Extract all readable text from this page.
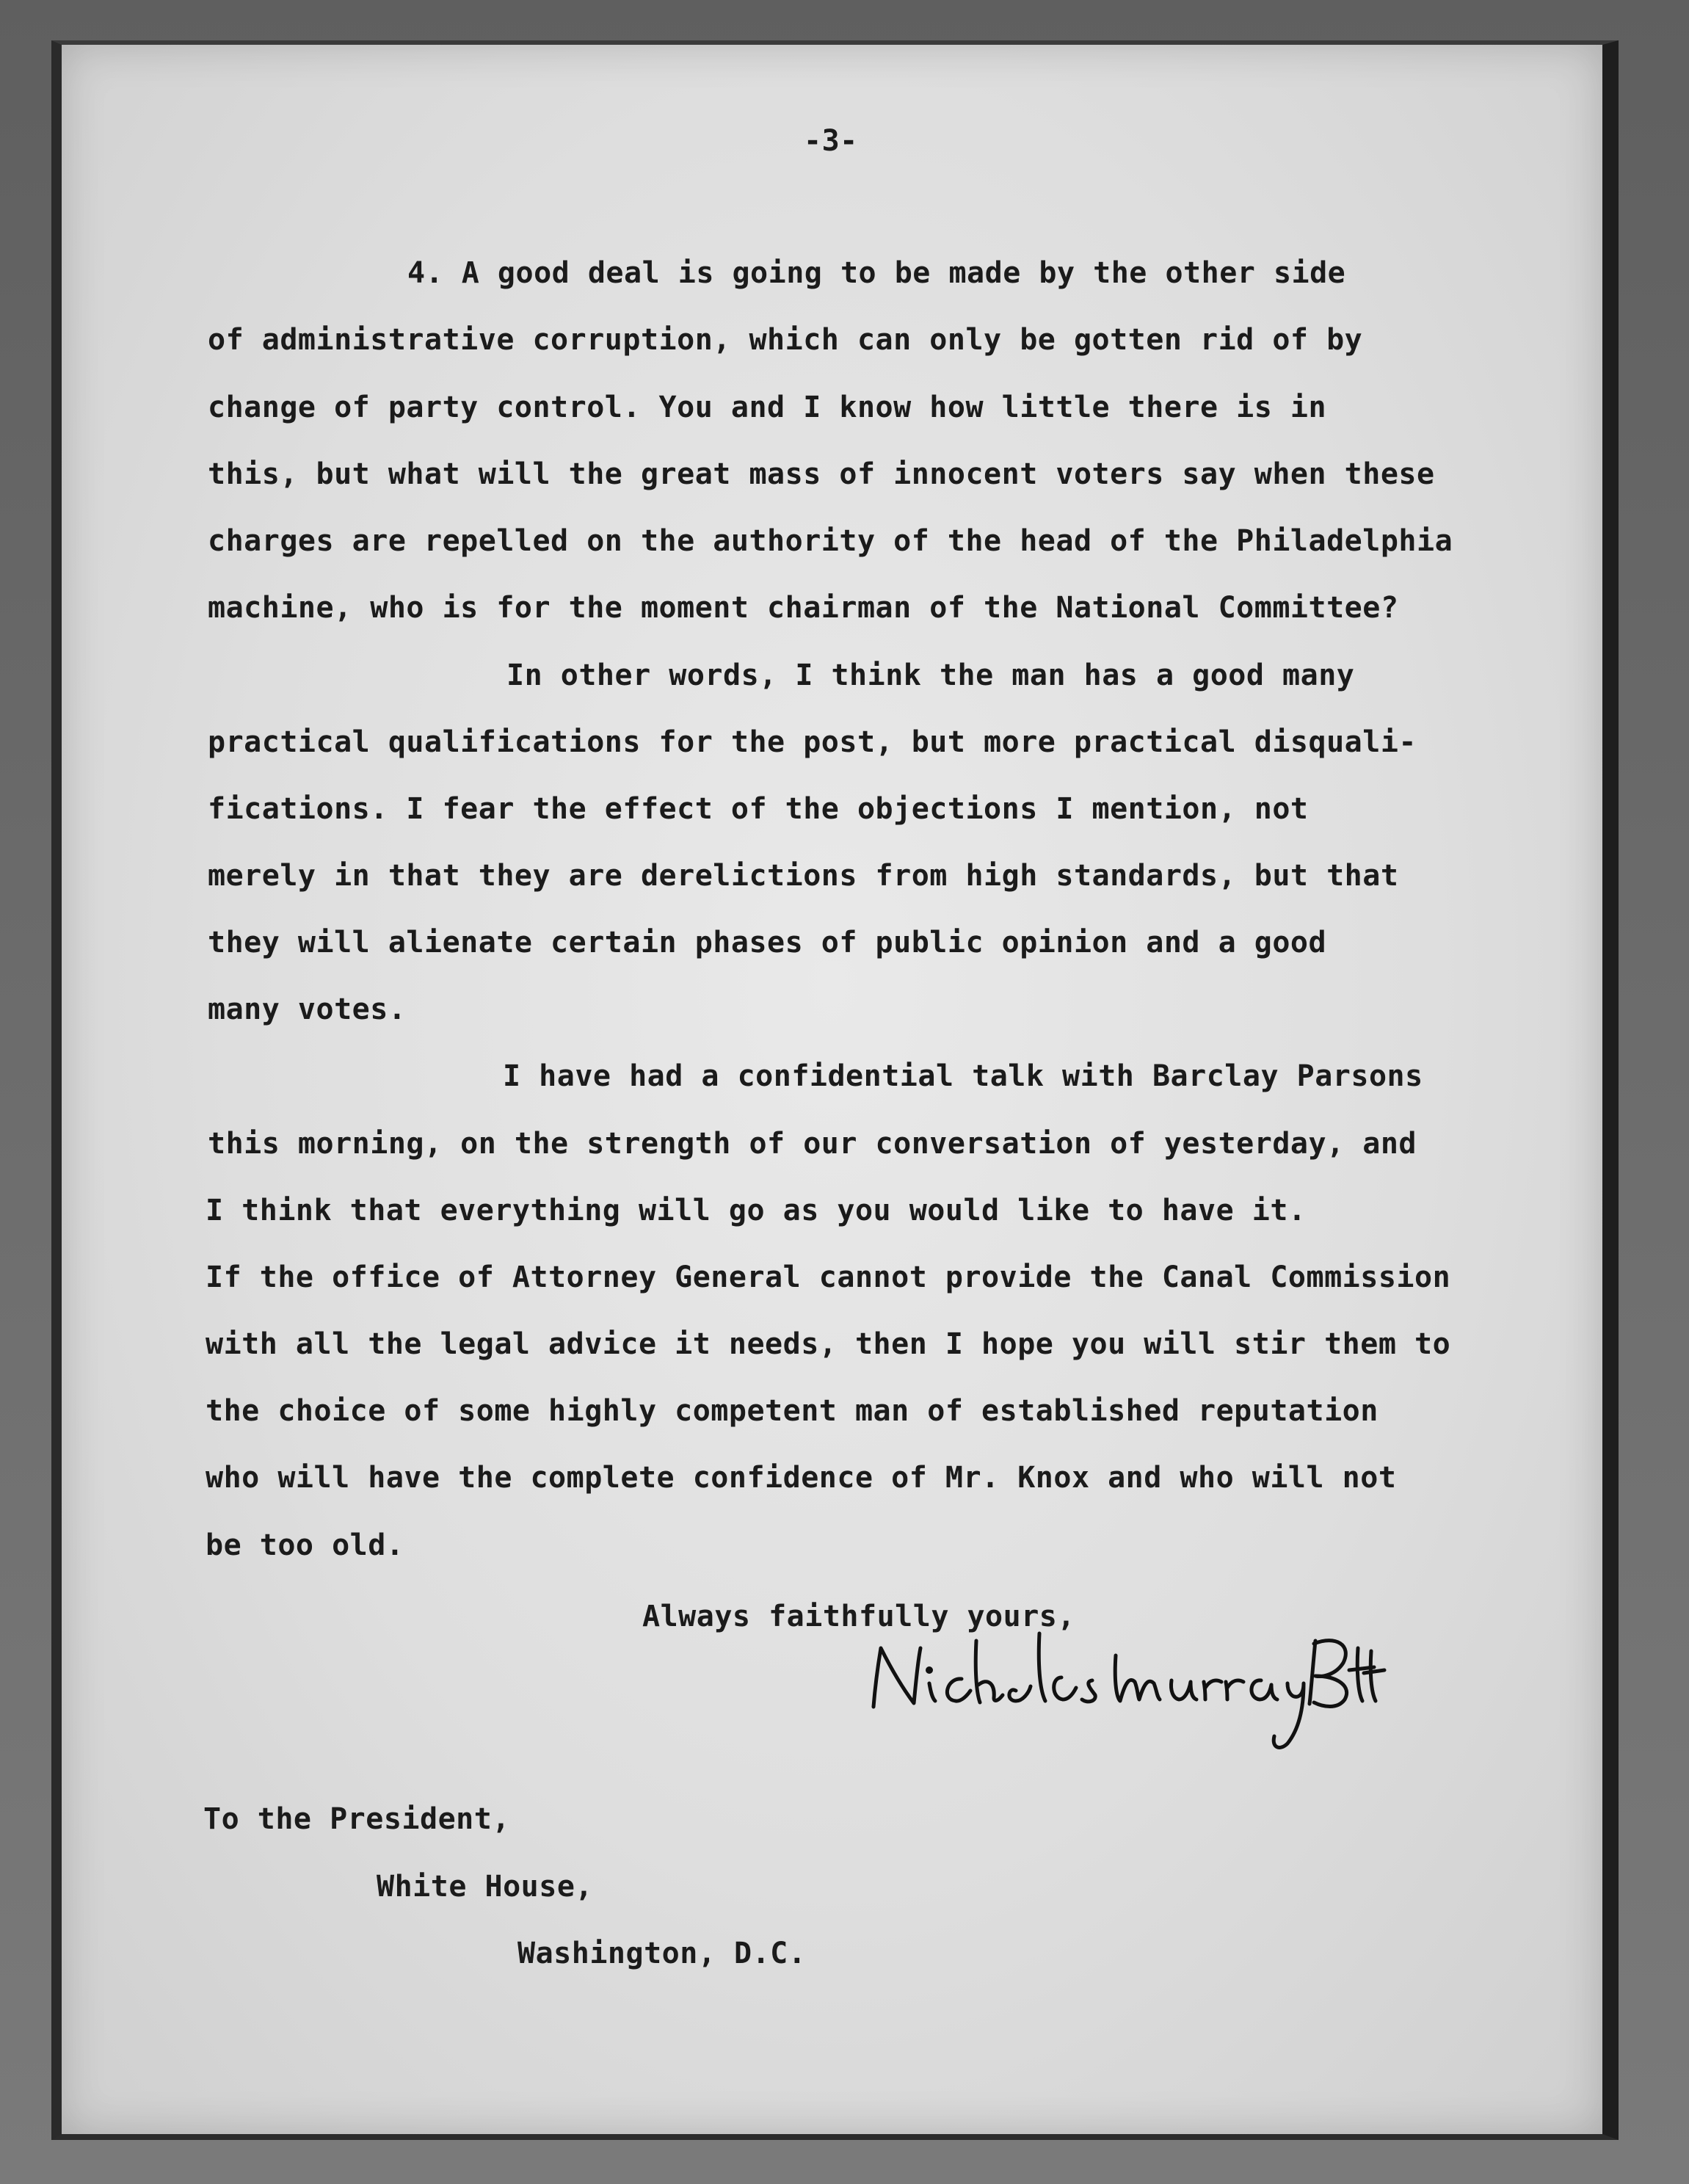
-3-
4. A good deal is going to be made by the other side
of administrative corruption, which can only be gotten rid of by
change of party control. You and I know how little there is in
this, but what will the great mass of innocent voters say when these
charges are repelled on the authority of the head of the Philadelphia
machine, who is for the moment chairman of the National Committee?
In other words, I think the man has a good many
practical qualifications for the post, but more practical disquali-
fications. I fear the effect of the objections I mention, not
merely in that they are derelictions from high standards, but that
they will alienate certain phases of public opinion and a good
many votes.
I have had a confidential talk with Barclay Parsons
this morning, on the strength of our conversation of yesterday, and
I think that everything will go as you would like to have it.
If the office of Attorney General cannot provide the Canal Commission
with all the legal advice it needs, then I hope you will stir them to
the choice of some highly competent man of established reputation
who will have the complete confidence of Mr. Knox and who will not
be too old.
Always faithfully yours,
To the President,
White House,
Washington, D.C.
